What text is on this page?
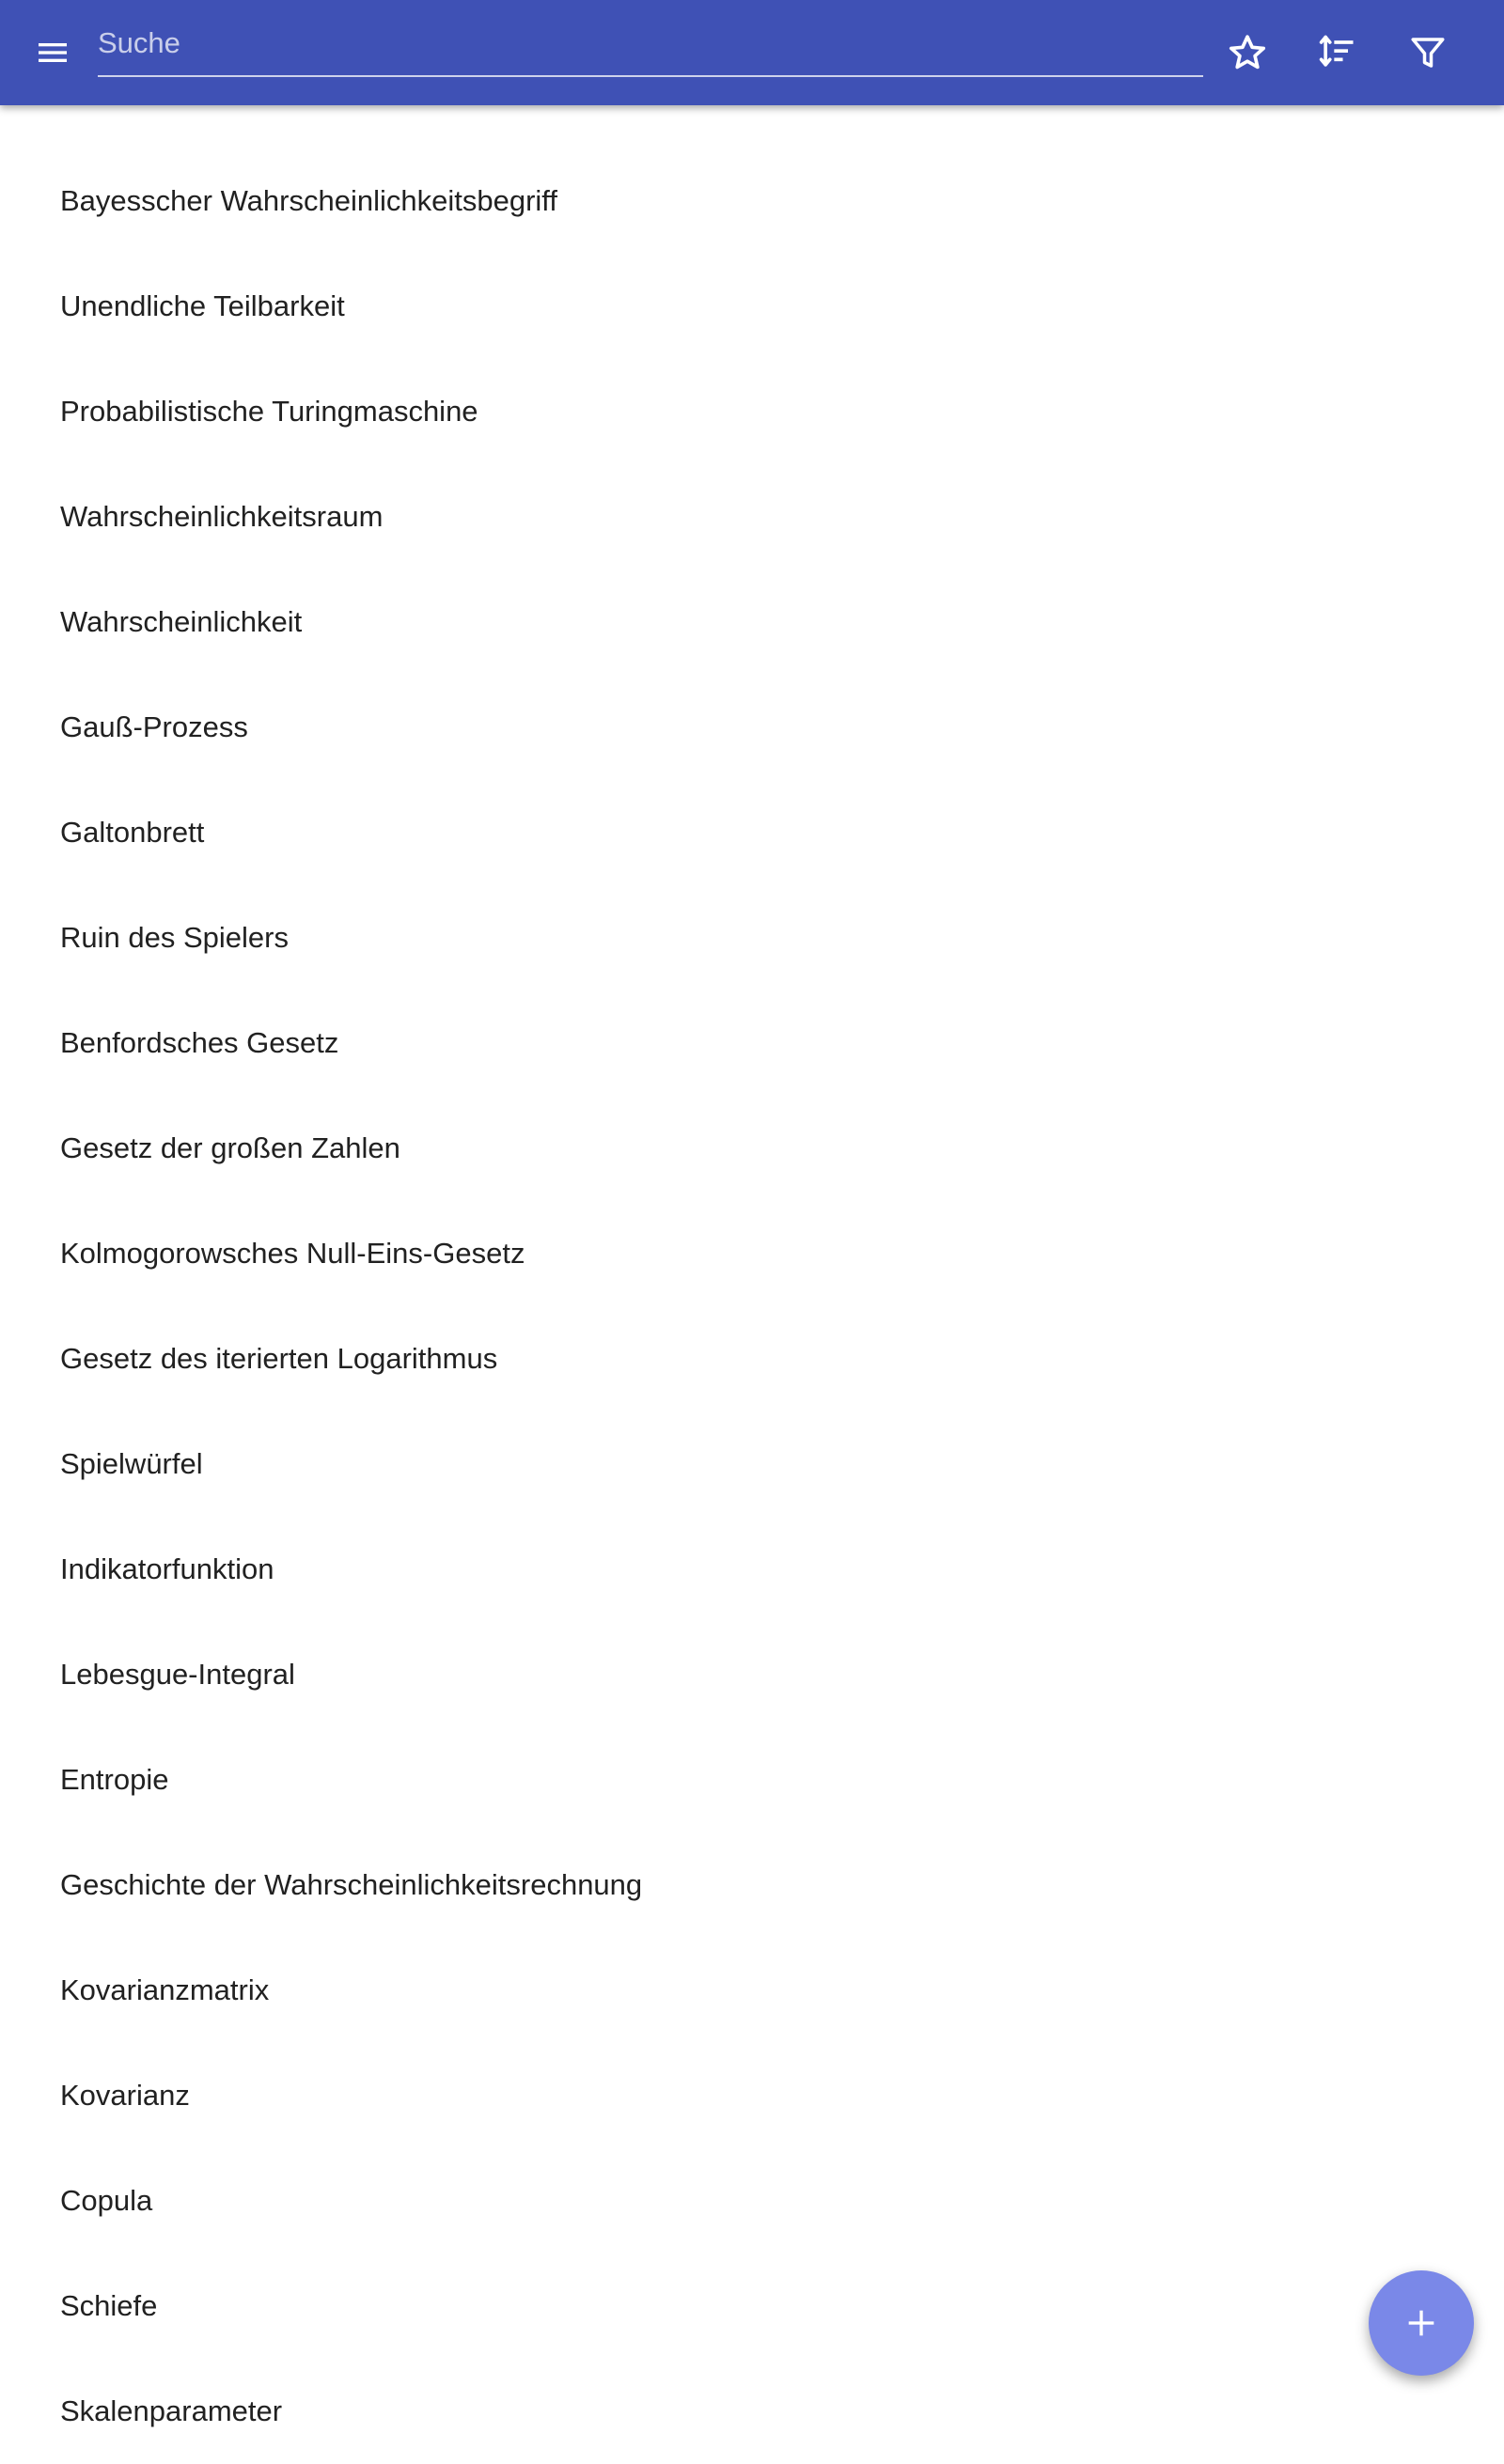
Suche
Bayesscher Wahrscheinlichkeitsbegriff
Unendliche Teilbarkeit
Probabilistische Turingmaschine
Wahrscheinlichkeitsraum
Wahrscheinlichkeit
Gauß-Prozess
Galtonbrett
Ruin des Spielers
Benfordsches Gesetz
Gesetz der großen Zahlen
Kolmogorowsches Null-Eins-Gesetz
Gesetz des iterierten Logarithmus
Spielwürfel
Indikatorfunktion
Lebesgue-Integral
Entropie
Geschichte der Wahrscheinlichkeitsrechnung
Kovarianzmatrix
Kovarianz
Copula
Schiefe
Skalenparameter
